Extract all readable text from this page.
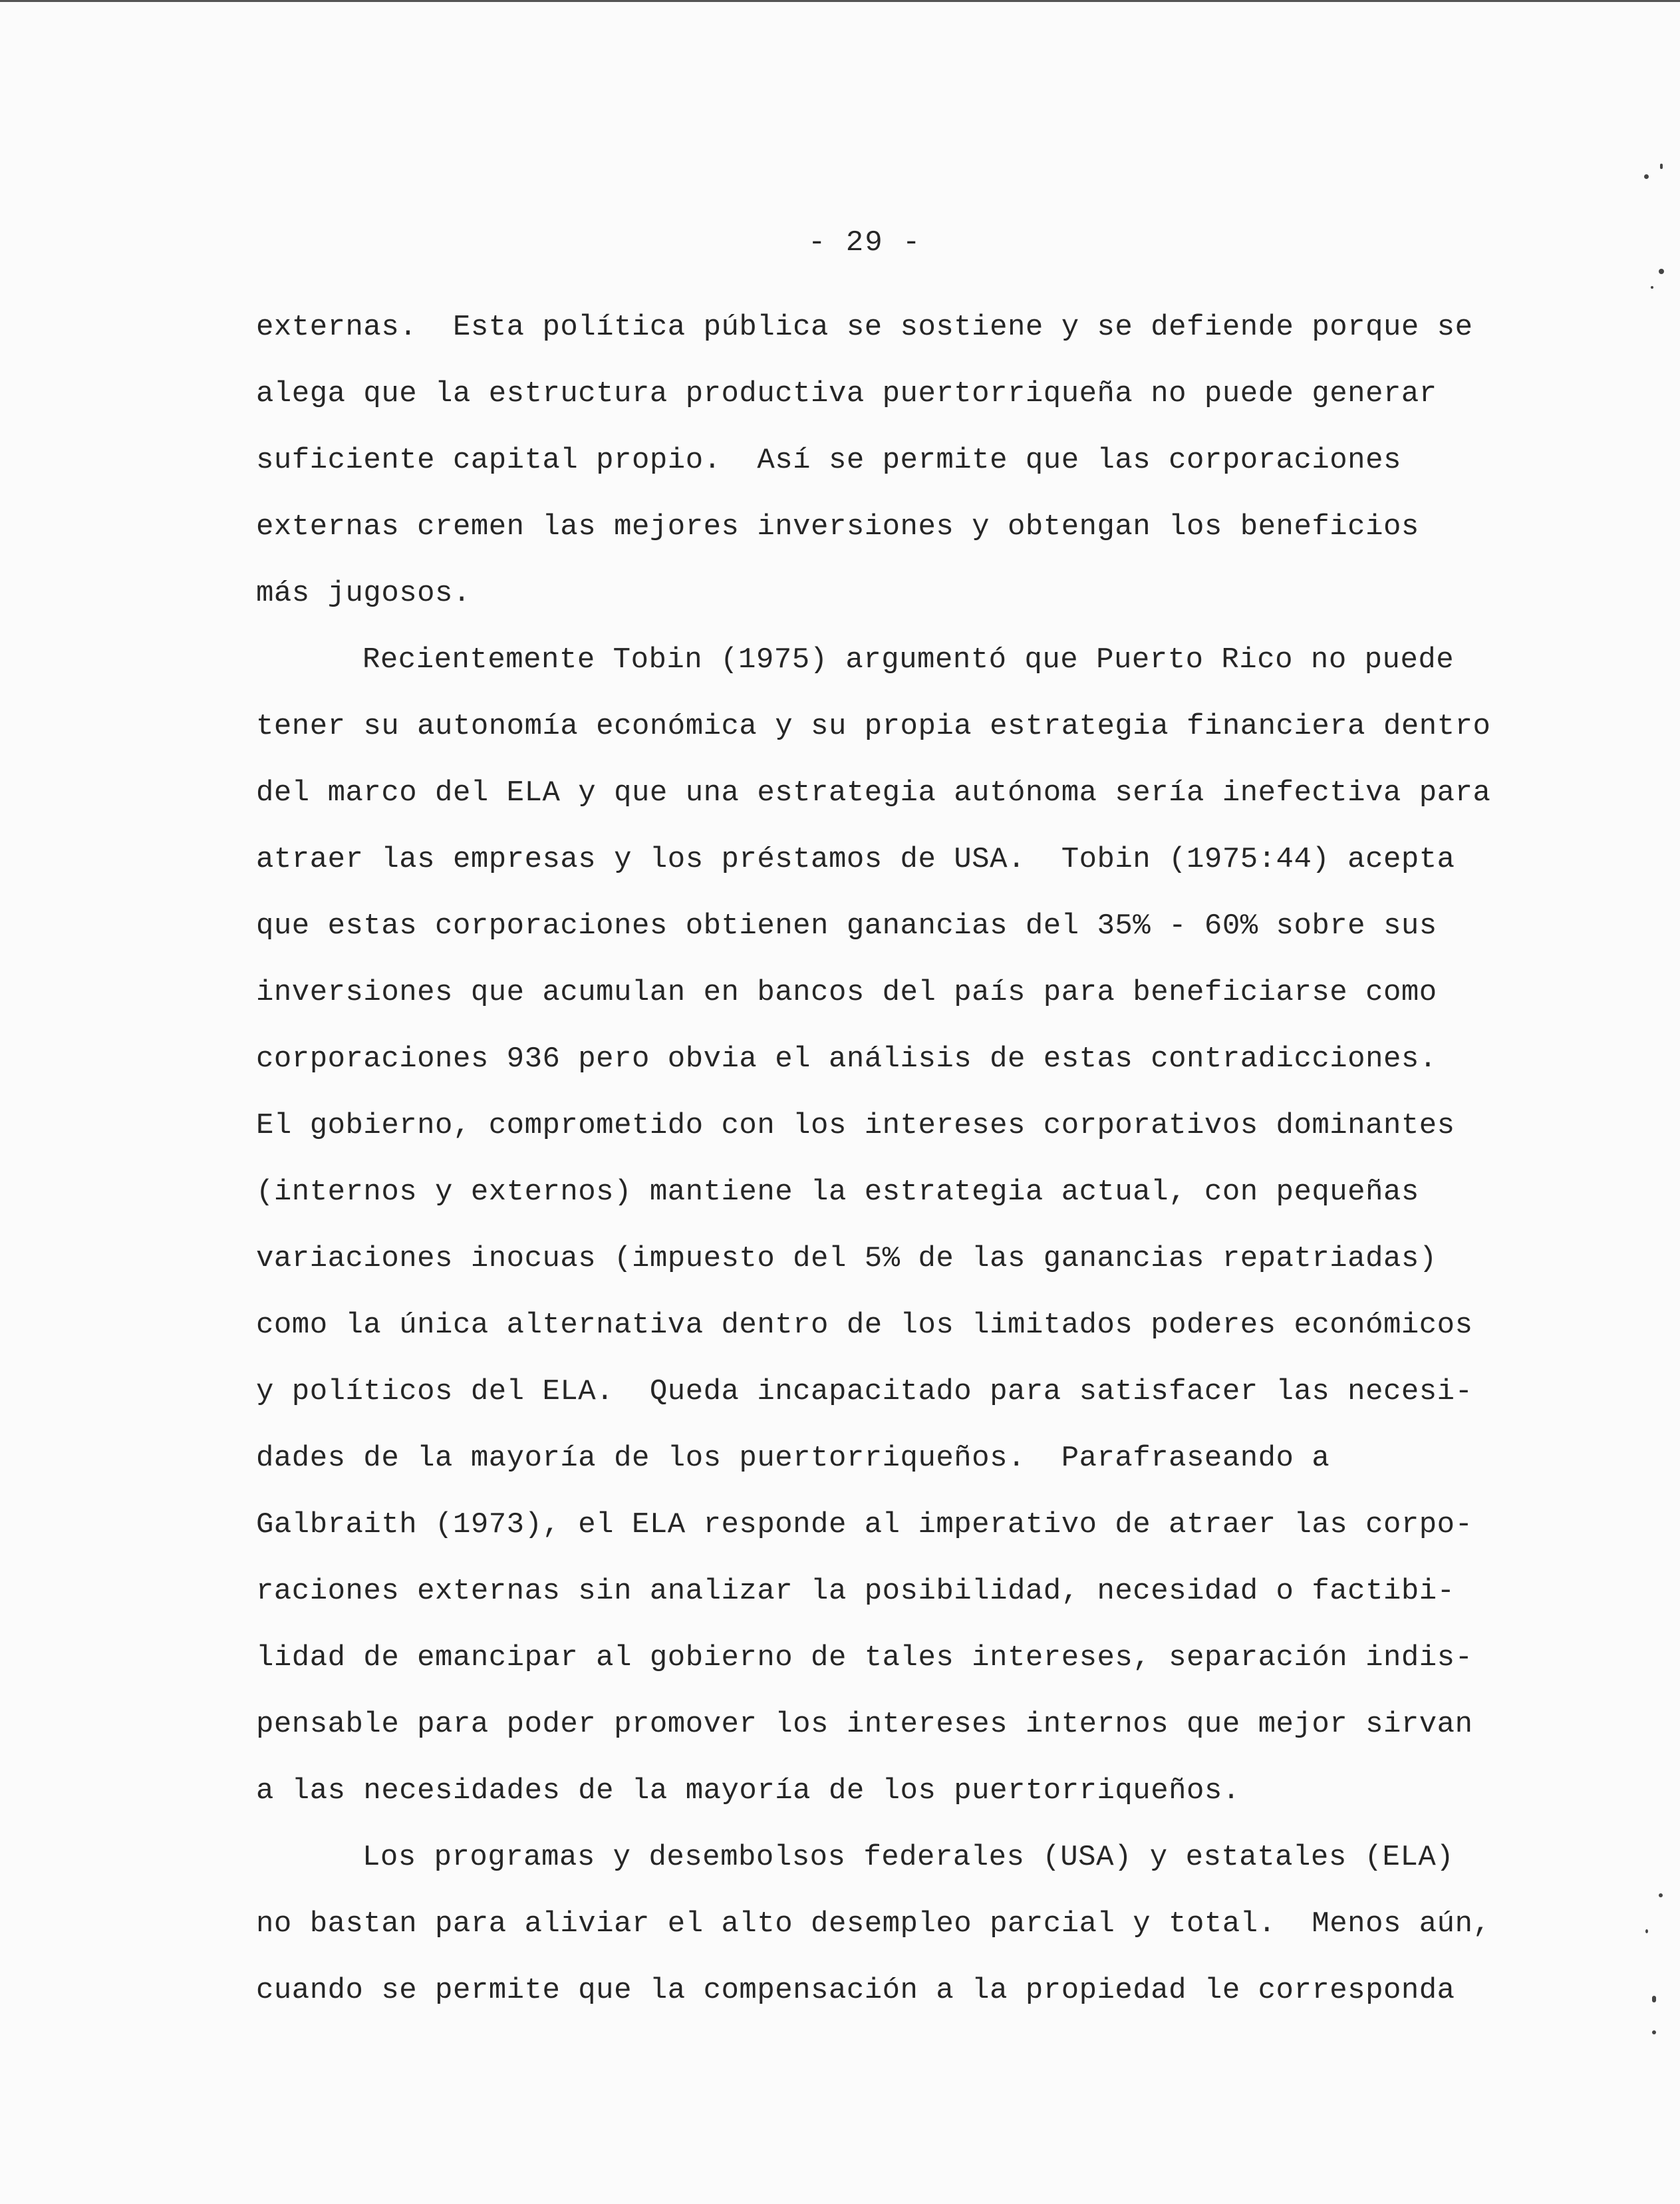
- 29 -
externas.  Esta política pública se sostiene y se defiende porque se
alega que la estructura productiva puertorriqueña no puede generar
suficiente capital propio.  Así se permite que las corporaciones
externas cremen las mejores inversiones y obtengan los beneficios
más jugosos.
Recientemente Tobin (1975) argumentó que Puerto Rico no puede
tener su autonomía económica y su propia estrategia financiera dentro
del marco del ELA y que una estrategia autónoma sería inefectiva para
atraer las empresas y los préstamos de USA.  Tobin (1975:44) acepta
que estas corporaciones obtienen ganancias del 35% - 60% sobre sus
inversiones que acumulan en bancos del país para beneficiarse como
corporaciones 936 pero obvia el análisis de estas contradicciones.
El gobierno, comprometido con los intereses corporativos dominantes
(internos y externos) mantiene la estrategia actual, con pequeñas
variaciones inocuas (impuesto del 5% de las ganancias repatriadas)
como la única alternativa dentro de los limitados poderes económicos
y políticos del ELA.  Queda incapacitado para satisfacer las necesi-
dades de la mayoría de los puertorriqueños.  Parafraseando a
Galbraith (1973), el ELA responde al imperativo de atraer las corpo-
raciones externas sin analizar la posibilidad, necesidad o factibi-
lidad de emancipar al gobierno de tales intereses, separación indis-
pensable para poder promover los intereses internos que mejor sirvan
a las necesidades de la mayoría de los puertorriqueños.
Los programas y desembolsos federales (USA) y estatales (ELA)
no bastan para aliviar el alto desempleo parcial y total.  Menos aún,
cuando se permite que la compensación a la propiedad le corresponda
